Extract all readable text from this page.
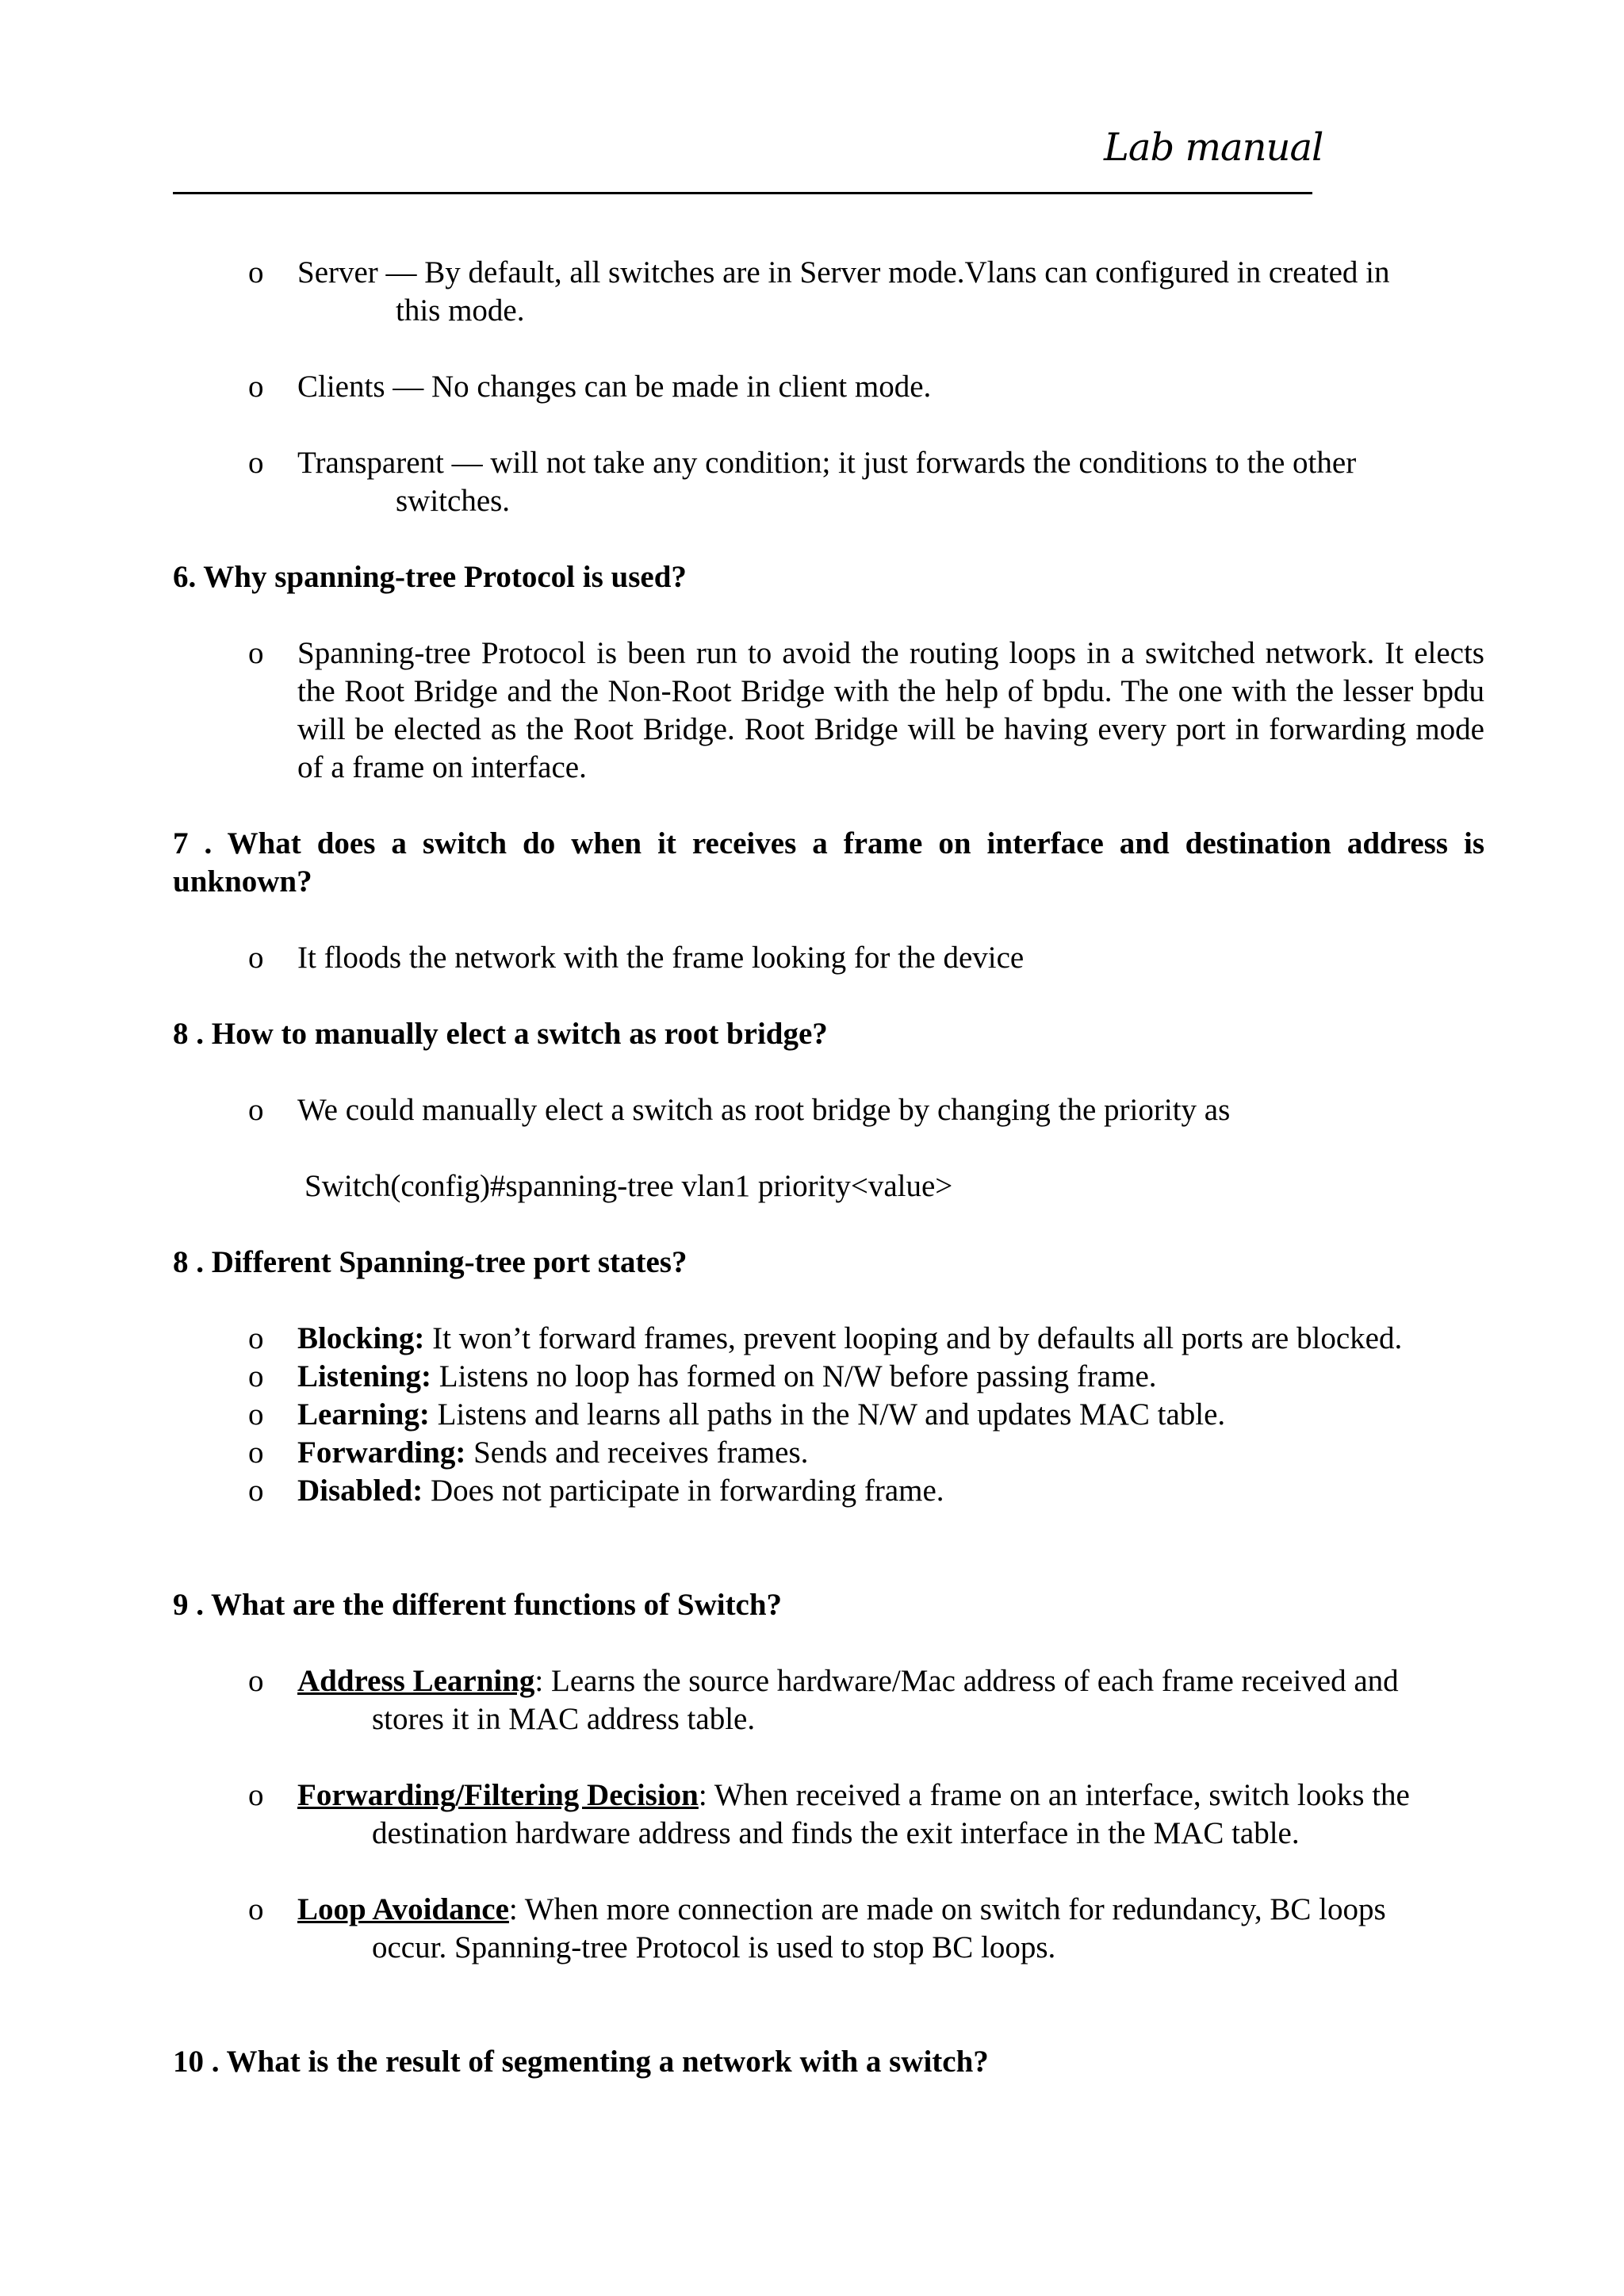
Lab manual
o Server — By default, all switches are in Server mode.Vlans can configured in created in
this mode.
o Clients — No changes can be made in client mode.
o Transparent — will not take any condition; it just forwards the conditions to the other
switches.
6. Why spanning-tree Protocol is used?
o Spanning-tree Protocol is been run to avoid the routing loops in a switched network. It elects the Root Bridge and the Non-Root Bridge with the help of bpdu. The one with the lesser bpdu will be elected as the Root Bridge. Root Bridge will be having every port in forwarding mode of a frame on interface.
7 . What does a switch do when it receives a frame on interface and destination address is unknown?
o It floods the network with the frame looking for the device
8 . How to manually elect a switch as root bridge?
o We could manually elect a switch as root bridge by changing the priority as
Switch(config)#spanning-tree vlan1 priority<value>
8 . Different Spanning-tree port states?
o Blocking: It won’t forward frames, prevent looping and by defaults all ports are blocked.
o Listening: Listens no loop has formed on N/W before passing frame.
o Learning: Listens and learns all paths in the N/W and updates MAC table.
o Forwarding: Sends and receives frames.
o Disabled: Does not participate in forwarding frame.
9 . What are the different functions of Switch?
o Address Learning: Learns the source hardware/Mac address of each frame received and
stores it in MAC address table.
o Forwarding/Filtering Decision: When received a frame on an interface, switch looks the
destination hardware address and finds the exit interface in the MAC table.
o Loop Avoidance: When more connection are made on switch for redundancy, BC loops
occur. Spanning-tree Protocol is used to stop BC loops.
10 . What is the result of segmenting a network with a switch?
